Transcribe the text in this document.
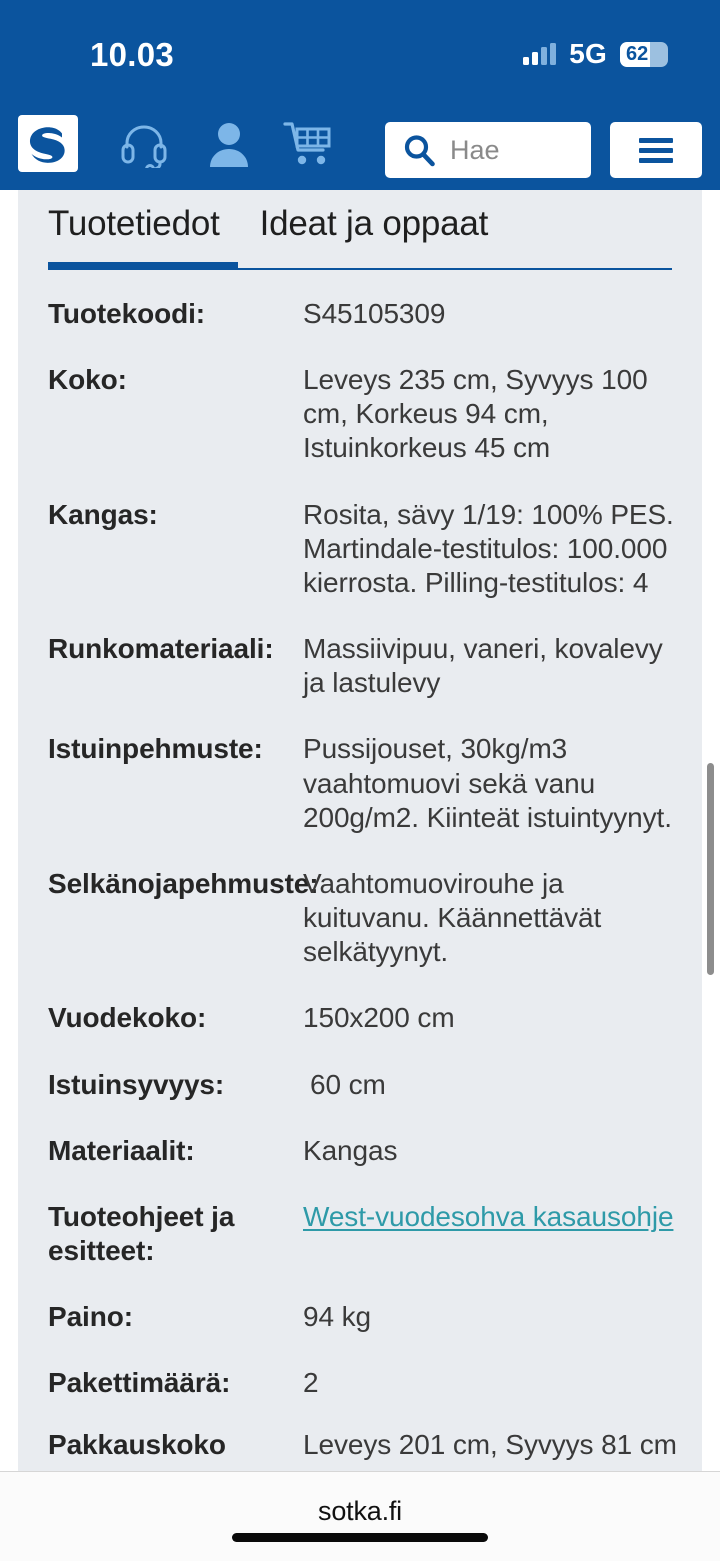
10.03	5G 62
Hae
Tuotetiedot Ideat ja oppaat
Tuotekoodi:	S45105309
Koko:	Leveys 235 cm, Syvyys 100 cm, Korkeus 94 cm, Istuinkorkeus 45 cm
Kangas:	Rosita, sävy 1/19: 100% PES. Martindale-testitulos: 100.000 kierrosta. Pilling-testitulos: 4
Runkomateriaali:	Massiivipuu, vaneri, kovalevy ja lastulevy
Istuinpehmuste:	Pussijouset, 30kg/m3 vaahtomuovi sekä vanu 200g/m2. Kiinteät istuintyynyt.
Selkänojapehmuste:
Vaahtomuovirouhe ja kuituvanu. Käännettävät selkätyynyt.
Vuodekoko:	150x200 cm
Istuinsyvyys:	60 cm
Materiaalit:	Kangas
Tuoteohjeet ja esitteet:
West-vuodesohva kasausohje
Paino:	94 kg
Pakettimäärä:	2
Pakkauskoko	Leveys 201 cm, Syvyys 81 cm
sotka.fi
